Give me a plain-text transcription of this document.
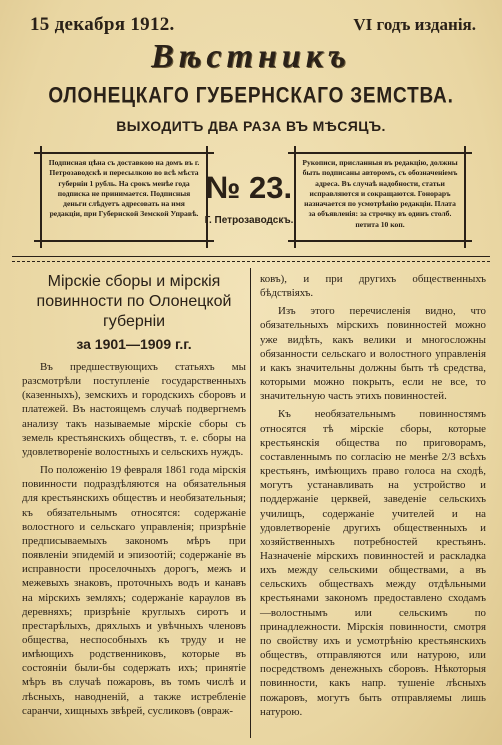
15 декабря 1912.	VI годъ изданія.
Вѣстникъ
ОЛОНЕЦКАГО ГУБЕРНСКАГО ЗЕМСТВА.
ВЫХОДИТЪ ДВА РАЗА ВЪ МѢСЯЦЪ.
Подписная цѣна съ доставкою на домъ въ г. Петрозаводскѣ и пересылкою во всѣ мѣста губерніи 1 рубль. На срокъ менѣе года подписка не принимается. Подписныя деньги слѣдуетъ адресовать на имя редакціи, при Губернской Земской Управѣ.
№ 23.
Г. Петрозаводскъ.
Рукописи, присланныя въ редакцію, должны быть подписаны авторомъ, съ обозначеніемъ адреса. Въ случаѣ надобности, статьи исправляются и сокращаются. Гонораръ назначается по усмотрѣнію редакціи. Плата за объявленія: за строчку въ одинъ столб. петита 10 коп.
Мірскіе сборы и мірскія повинности по Олонецкой губерніи
за 1901—1909 г.г.

Въ предшествующихъ статьяхъ мы разсмотрѣли поступленіе государственныхъ (казенныхъ), земскихъ и городскихъ сборовъ и платежей. Въ настоящемъ случаѣ подвергнемъ анализу такъ называемые мірскіе сборы съ земель крестьянскихъ обществъ, т. е. сборы на удовлетвореніе волостныхъ и сельскихъ нуждъ.

По положенію 19 февраля 1861 года мірскія повинности подраздѣляются на обязательныя для крестьянскихъ обществъ и необязательныя; къ обязательнымъ относятся: содержаніе волостного и сельскаго управленія; призрѣніе предписываемыхъ закономъ мѣръ при появленіи эпидемій и эпизоотій; содержаніе въ исправности проселочныхъ дорогъ, межъ и межевыхъ знаковъ, проточныхъ водъ и канавъ на мірскихъ земляхъ; содержаніе караулов въ деревняхъ; призрѣніе круглыхъ сиротъ и престарѣлыхъ, дряхлыхъ и увѣчныхъ членовъ общества, неспособныхъ къ труду и не имѣющихъ родственниковъ, которые въ состояніи были-бы содержать ихъ; принятіе мѣръ въ случаѣ пожаровъ, въ томъ числѣ и лѣсныхъ, наводненій, а также истребленіе саранчи, хищныхъ звѣрей, сусликовъ (овраж-

ковъ), и при другихъ общественныхъ бѣдствіяхъ.

Изъ этого перечисленія видно, что обязательныхъ мірскихъ повинностей можно уже видѣть, какъ велики и многосложны обязанности сельскаго и волостного управленія и какъ значительны должны быть тѣ средства, которыми можно покрыть, если не все, то значительную часть этихъ повинностей.

Къ необязательнымъ повинностямъ относятся тѣ мірскіе сборы, которые крестьянскія общества по приговорамъ, составленнымъ по согласію не менѣе 2/3 всѣхъ крестьянъ, имѣющихъ право голоса на сходѣ, могутъ устанавливать на устройство и поддержаніе церквей, заведеніе сельскихъ училищъ, содержаніе учителей и на удовлетвореніе другихъ общественныхъ и хозяйственныхъ потребностей крестьянъ. Назначеніе мірскихъ повинностей и раскладка ихъ между сельскими обществами, а въ сельскихъ обществахъ между отдѣльными крестьянами закономъ предоставлено сходамъ—волостнымъ или сельскимъ по принадлежности. Мірскія повинности, смотря по свойству ихъ и усмотрѣнію крестьянскихъ обществъ, отправляются или натурою, или посредствомъ денежныхъ сборовъ. Нѣкоторыя повинности, какъ напр. тушеніе лѣсныхъ пожаровъ, могутъ быть отправляемы лишь натурою.
